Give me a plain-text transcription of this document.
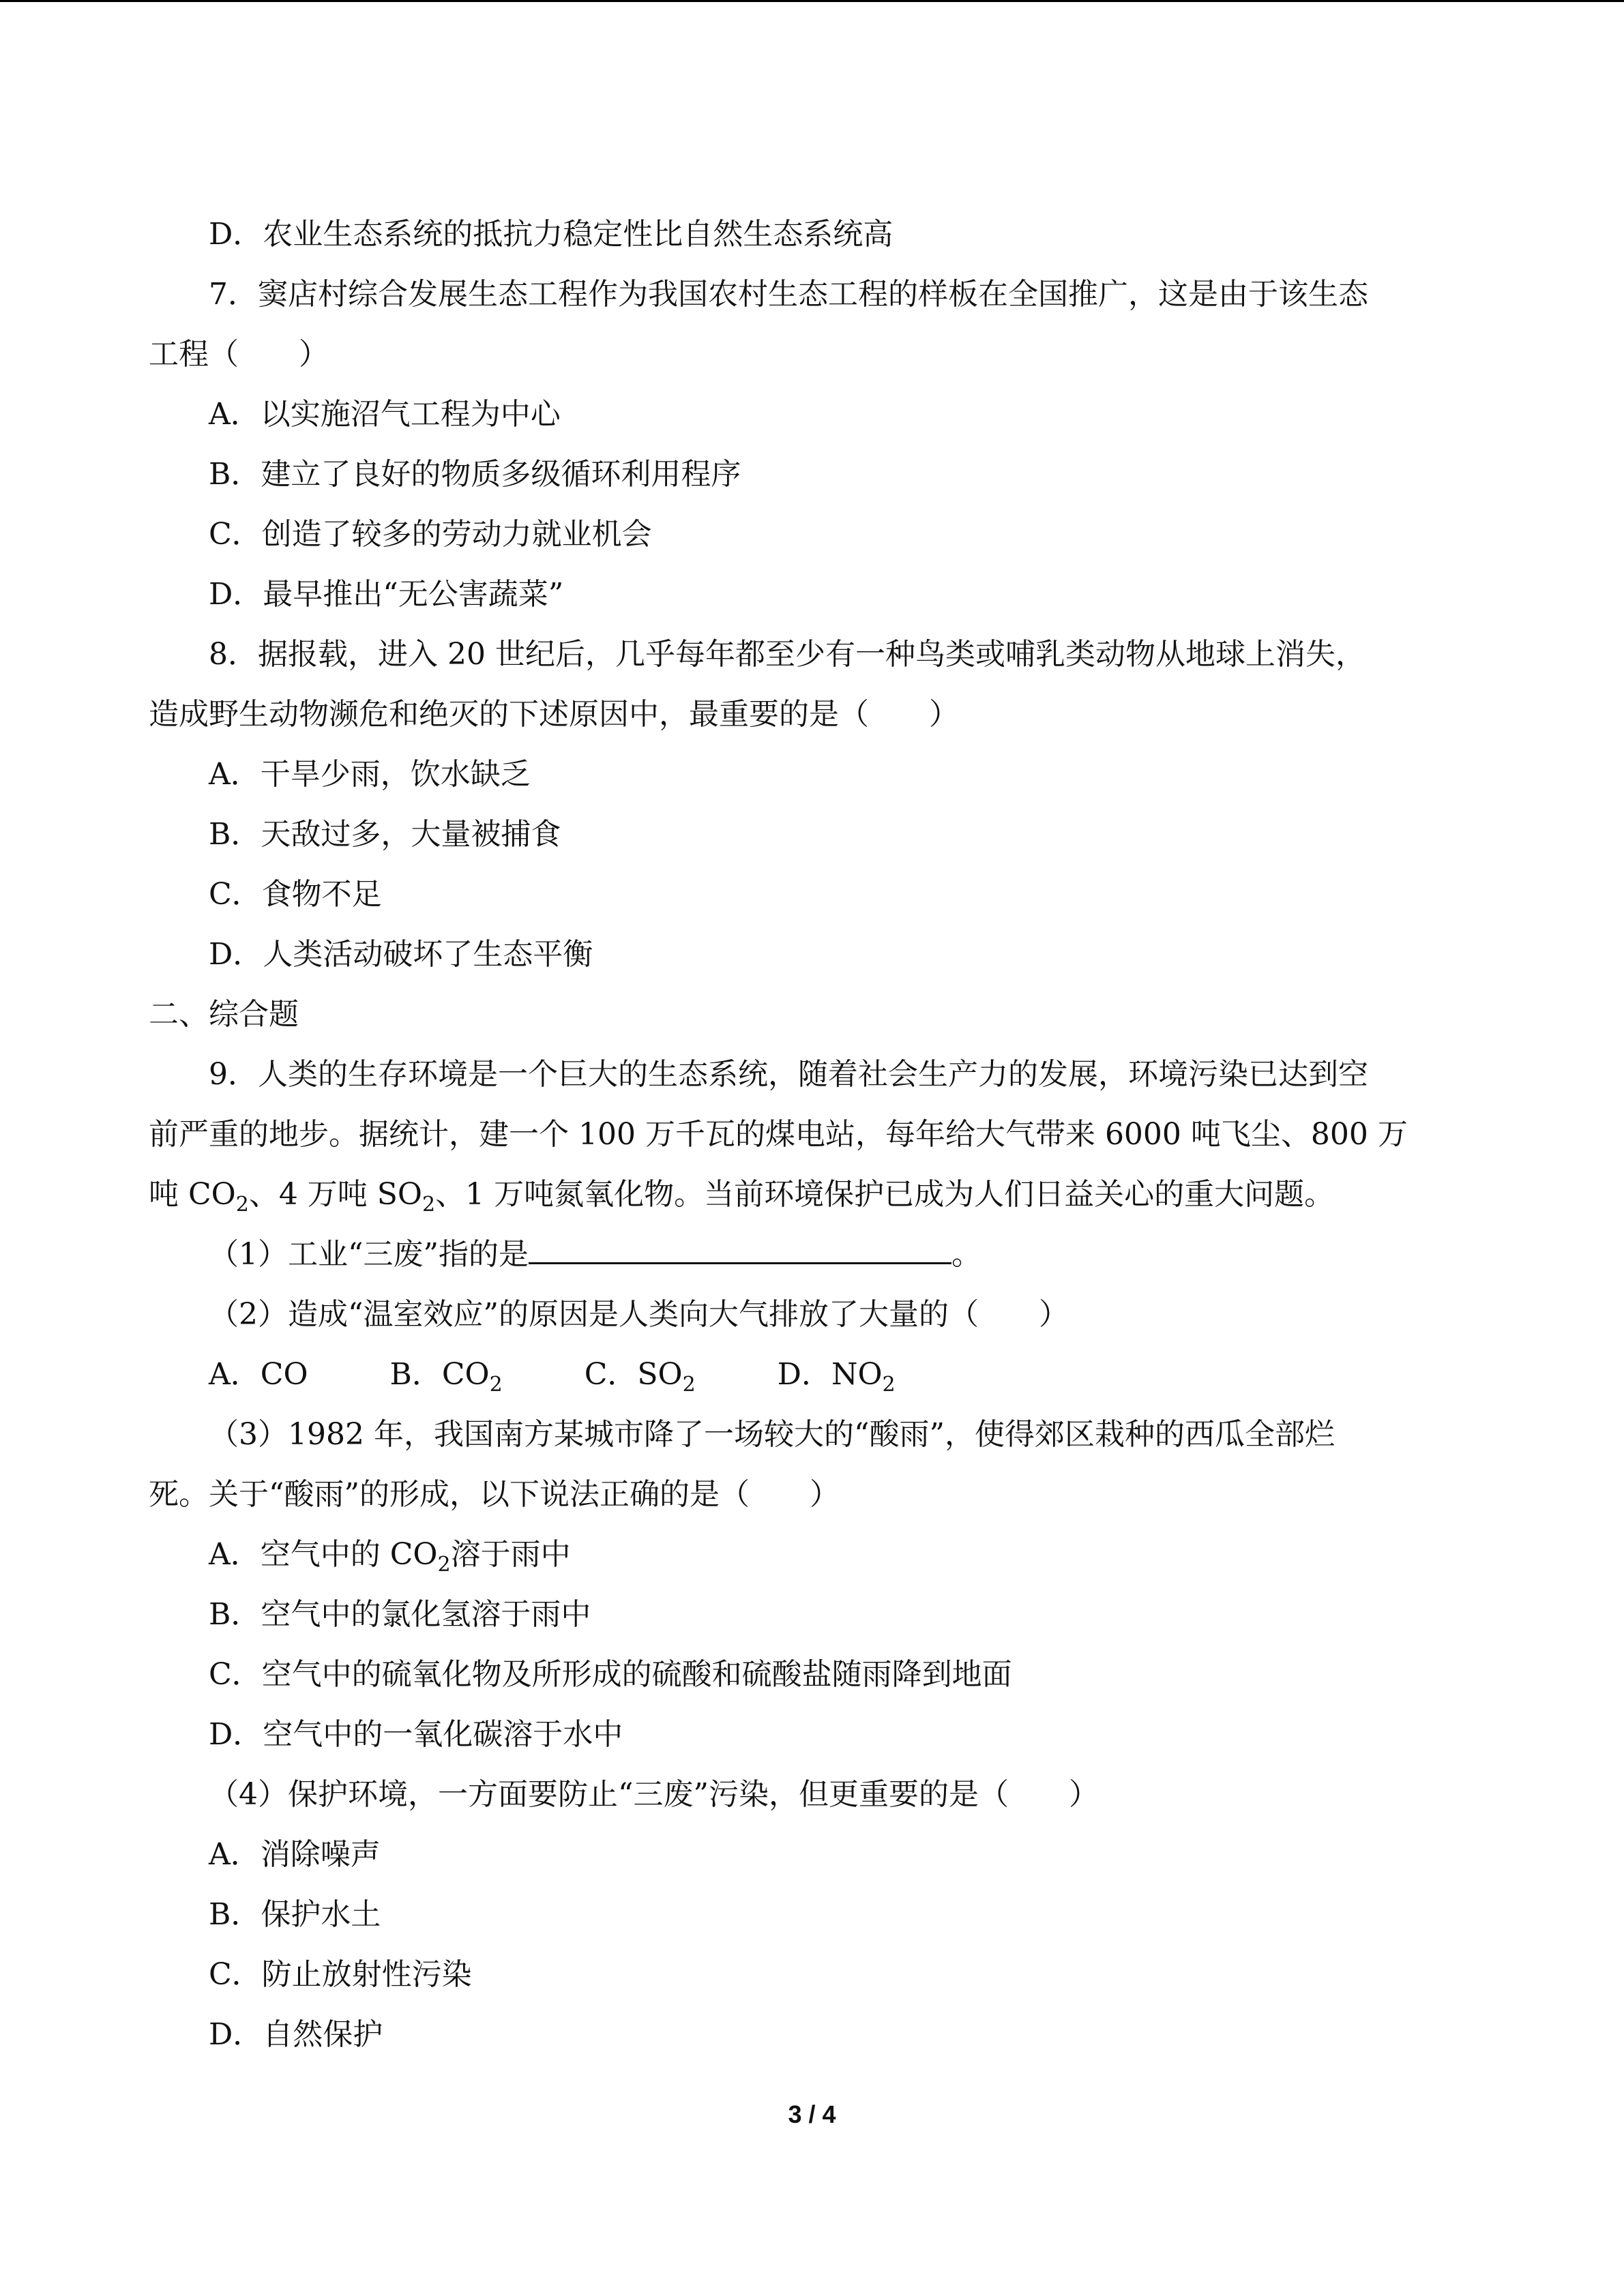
D．农业生态系统的抵抗力稳定性比自然生态系统高
7．窦店村综合发展生态工程作为我国农村生态工程的样板在全国推广，这是由于该生态
工程（　　）
A．以实施沼气工程为中心
B．建立了良好的物质多级循环利用程序
C．创造了较多的劳动力就业机会
D．最早推出“无公害蔬菜”
8．据报载，进入 20 世纪后，几乎每年都至少有一种鸟类或哺乳类动物从地球上消失，
造成野生动物濒危和绝灭的下述原因中，最重要的是（　　）
A．干旱少雨，饮水缺乏
B．天敌过多，大量被捕食
C．食物不足
D．人类活动破坏了生态平衡
二、综合题
9．人类的生存环境是一个巨大的生态系统，随着社会生产力的发展，环境污染已达到空
前严重的地步。据统计，建一个 100 万千瓦的煤电站，每年给大气带来 6000 吨飞尘、800 万
吨 $CO_2$、4 万吨 $SO_2$、1 万吨氮氧化物。当前环境保护已成为人们日益关心的重大问题。
（1）工业“三废”指的是	。
（2）造成“温室效应”的原因是人类向大气排放了大量的（　　）
A．CO	B．$CO_2$	C．$SO_2$	D．$NO_2$
（3）1982 年，我国南方某城市降了一场较大的“酸雨”，使得郊区栽种的西瓜全部烂
死。关于“酸雨”的形成，以下说法正确的是（　　）
A．空气中的 $CO_2$溶于雨中
B．空气中的氯化氢溶于雨中
C．空气中的硫氧化物及所形成的硫酸和硫酸盐随雨降到地面
D．空气中的一氧化碳溶于水中
（4）保护环境，一方面要防止“三废”污染，但更重要的是（　　）
A．消除噪声
B．保护水土
C．防止放射性污染
D．自然保护
3 / 4
